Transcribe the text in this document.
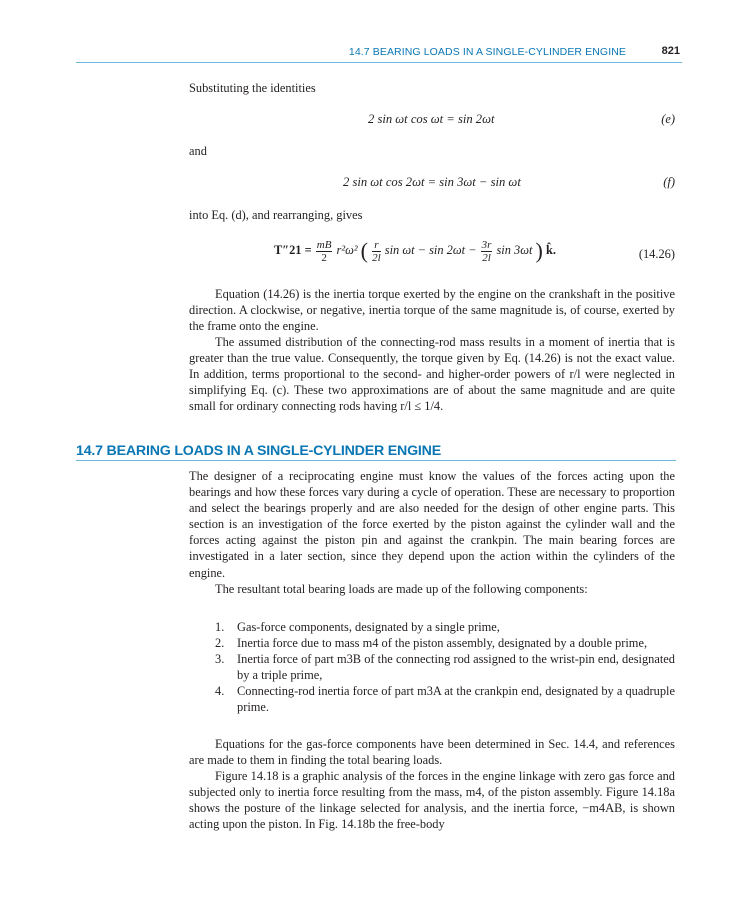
14.7 BEARING LOADS IN A SINGLE-CYLINDER ENGINE	821
Substituting the identities
2 sin ωt cos ωt = sin 2ωt	(e)
and
2 sin ωt cos 2ωt = sin 3ωt − sin ωt	(f)
into Eq. (d), and rearranging, gives
$T''21 = \frac{mB}{2} r^2\omega^2$ ( $\frac{r}{2l}$ $\sin \omega t - \sin 2\omega t - \frac{3r}{2l}$ sin 3ωt ) k̂.	(14.26)
Equation (14.26) is the inertia torque exerted by the engine on the crankshaft in the positive direction. A clockwise, or negative, inertia torque of the same magnitude is, of course, exerted by the frame onto the engine.
The assumed distribution of the connecting-rod mass results in a moment of inertia that is greater than the true value. Consequently, the torque given by Eq. (14.26) is not the exact value. In addition, terms proportional to the second- and higher-order powers of r/l were neglected in simplifying Eq. (c). These two approximations are of about the same magnitude and are quite small for ordinary connecting rods having r/l ≤ 1/4.
14.7 BEARING LOADS IN A SINGLE-CYLINDER ENGINE
The designer of a reciprocating engine must know the values of the forces acting upon the bearings and how these forces vary during a cycle of operation. These are necessary to proportion and select the bearings properly and are also needed for the design of other engine parts. This section is an investigation of the force exerted by the piston against the cylinder wall and the forces acting against the piston pin and against the crankpin. The main bearing forces are investigated in a later section, since they depend upon the action within the cylinders of the engine.
The resultant total bearing loads are made up of the following components:
1. Gas-force components, designated by a single prime,
2. Inertia force due to mass m4 of the piston assembly, designated by a double prime,
3. Inertia force of part m3B of the connecting rod assigned to the wrist-pin end, designated by a triple prime,
4. Connecting-rod inertia force of part m3A at the crankpin end, designated by a quadruple prime.
Equations for the gas-force components have been determined in Sec. 14.4, and references are made to them in finding the total bearing loads.
Figure 14.18 is a graphic analysis of the forces in the engine linkage with zero gas force and subjected only to inertia force resulting from the mass, m4, of the piston assembly. Figure 14.18a shows the posture of the linkage selected for analysis, and the inertia force, −m4AB, is shown acting upon the piston. In Fig. 14.18b the free-body
